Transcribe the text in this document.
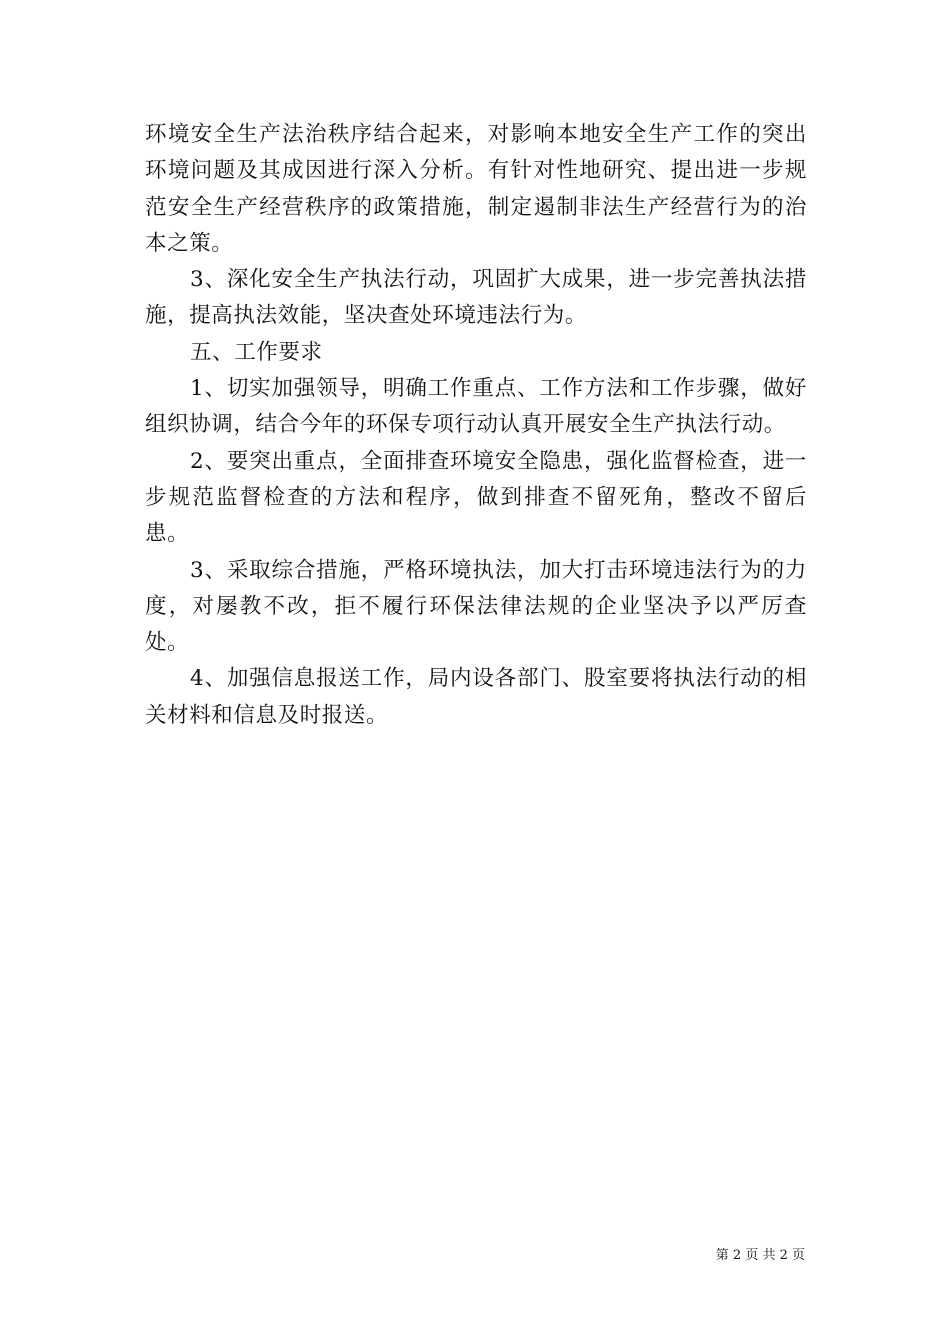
环境安全生产法治秩序结合起来，对影响本地安全生产工作的突出环境问题及其成因进行深入分析。有针对性地研究、提出进一步规范安全生产经营秩序的政策措施，制定遏制非法生产经营行为的治本之策。

3、深化安全生产执法行动，巩固扩大成果，进一步完善执法措施，提高执法效能，坚决查处环境违法行为。

五、工作要求

1、切实加强领导，明确工作重点、工作方法和工作步骤，做好组织协调，结合今年的环保专项行动认真开展安全生产执法行动。

2、要突出重点，全面排查环境安全隐患，强化监督检查，进一步规范监督检查的方法和程序，做到排查不留死角，整改不留后患。

3、采取综合措施，严格环境执法，加大打击环境违法行为的力度，对屡教不改，拒不履行环保法律法规的企业坚决予以严厉查处。

4、加强信息报送工作，局内设各部门、股室要将执法行动的相关材料和信息及时报送。

第 2 页 共 2 页
